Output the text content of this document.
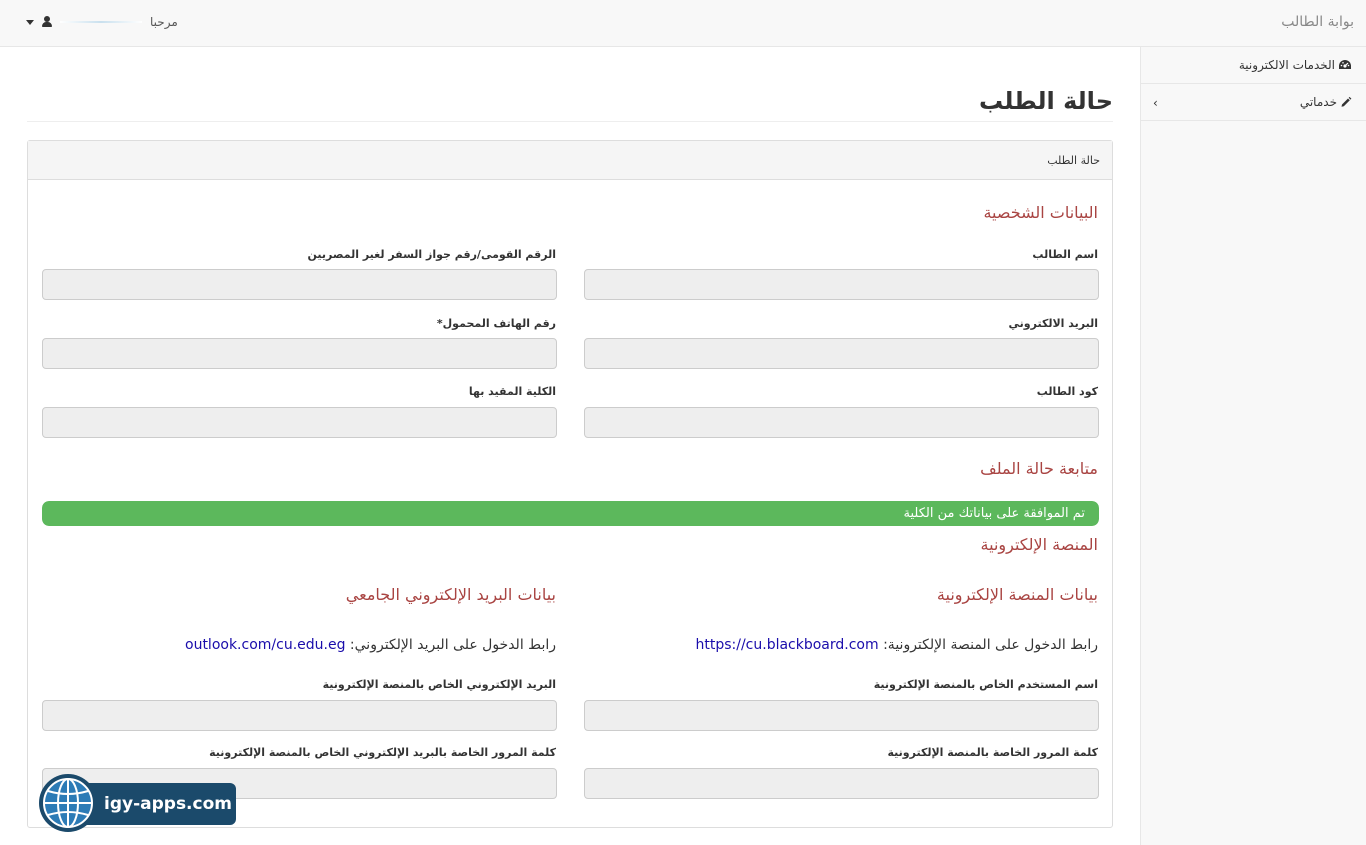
بوابة الطالب
مرحبا
الخدمات الالكترونية
خدماتي
‹
حالة الطلب
حالة الطلب
البيانات الشخصية
اسم الطالب
الرقم القومى/رقم جواز السفر لغير المصريين
البريد الالكتروني
*رقم الهاتف المحمول
كود الطالب
الكلية المقيد بها
متابعة حالة الملف
تم الموافقة على بياناتك من الكلية
المنصة الإلكترونية
بيانات المنصة الإلكترونية
بيانات البريد الإلكتروني الجامعي
رابط الدخول على المنصة الإلكترونية: https://cu.blackboard.com
رابط الدخول على البريد الإلكتروني: outlook.com/cu.edu.eg
اسم المستخدم الخاص بالمنصة الإلكترونية
البريد الإلكتروني الخاص بالمنصة الإلكترونية
كلمة المرور الخاصة بالمنصة الإلكترونية
كلمة المرور الخاصة بالبريد الإلكتروني الخاص بالمنصة الإلكترونية
igy-apps.com
